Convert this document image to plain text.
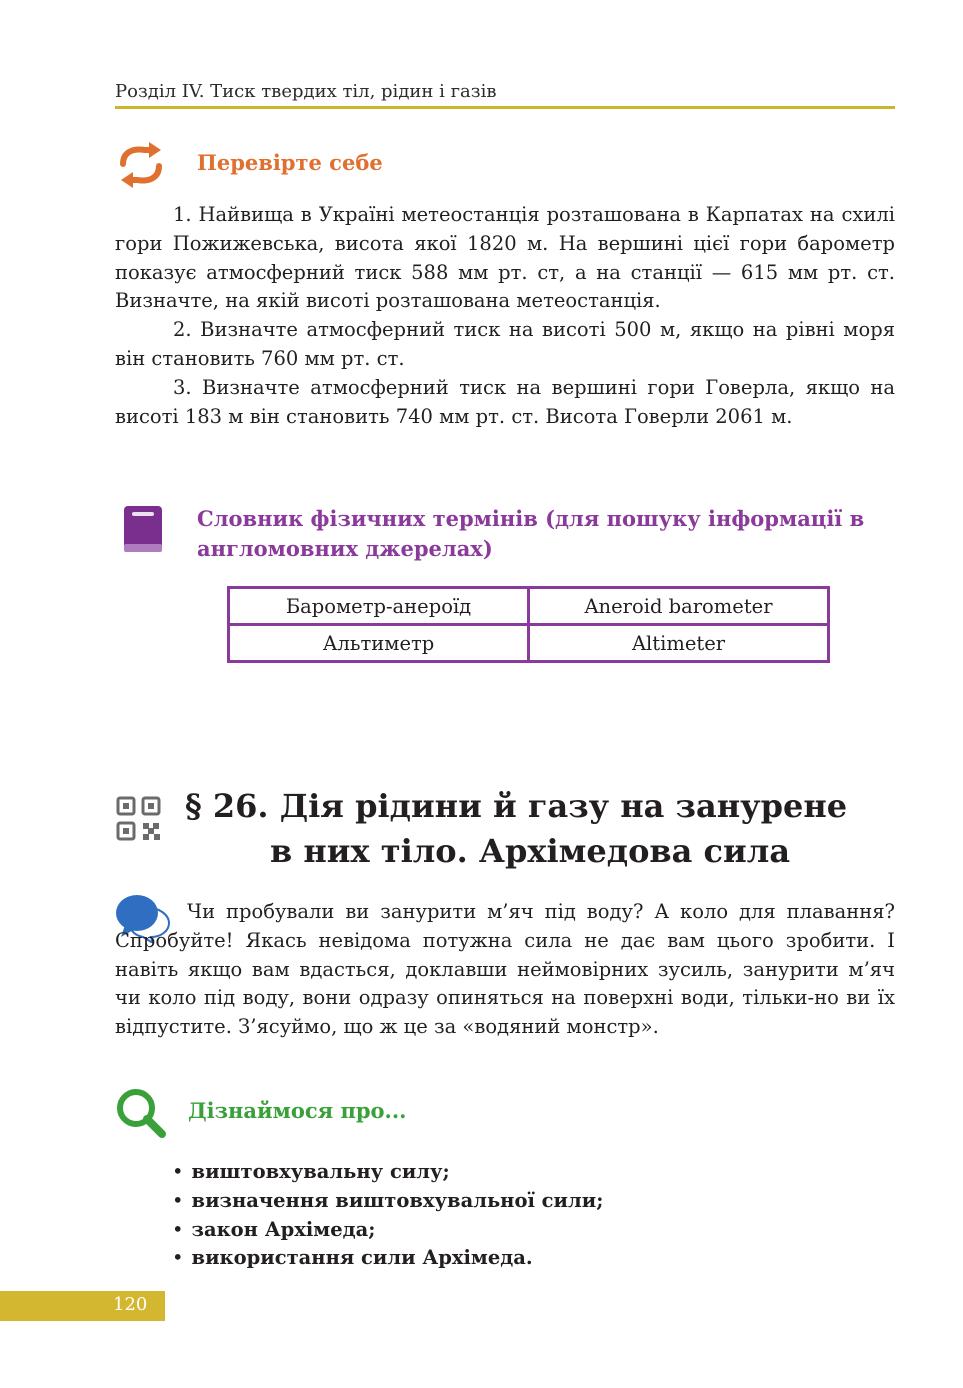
Розділ IV. Тиск твердих тіл, рідин і газів
Перевірте себе

1. Найвища в Україні метеостанція розташована в Карпатах на схилі гори Пожижевська, висота якої 1820 м. На вершині цієї гори барометр показує атмосферний тиск 588 мм рт. ст, а на станції — 615 мм рт. ст. Визначте, на якій висоті розташована метеостанція.

2. Визначте атмосферний тиск на висоті 500 м, якщо на рівні моря він становить 760 мм рт. ст.

3. Визначте атмосферний тиск на вершині гори Говерла, якщо на висоті 183 м він становить 740 мм рт. ст. Висота Говерли 2061 м.

Словник фізичних термінів (для пошуку інформації в англомовних джерелах)
Барометр-анероїд	Aneroid barometer
Альтиметр	Altimeter
§ 26. Дія рідини й газу на занурене
в них тіло. Архімедова сила

Чи пробували ви занурити м’яч під воду? А коло для плавання? Спробуйте! Якась невідома потужна сила не дає вам цього зробити. І навіть якщо вам вдасться, доклавши неймовірних зусиль, занурити м’яч чи коло під воду, вони одразу опиняться на поверхні води, тільки-но ви їх відпустите. З’ясуймо, що ж це за «водяний монстр».

Дізнаймося про...
• виштовхувальну силу;
• визначення виштовхувальної сили;
• закон Архімеда;
• використання сили Архімеда.
120
